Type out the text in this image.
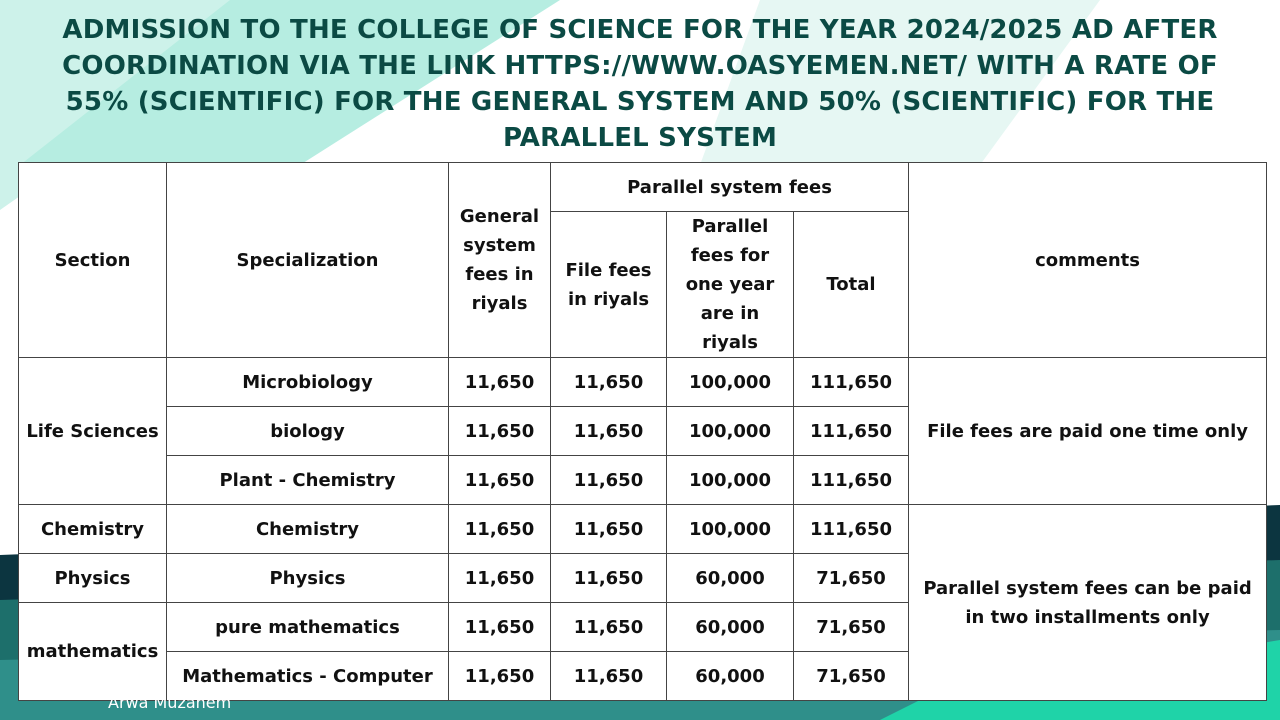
ADMISSION TO THE COLLEGE OF SCIENCE FOR THE YEAR 2024/2025 AD AFTER COORDINATION VIA THE LINK HTTPS://WWW.OASYEMEN.NET/ WITH A RATE OF 55% (SCIENTIFIC) FOR THE GENERAL SYSTEM AND 50% (SCIENTIFIC) FOR THE PARALLEL SYSTEM
Section	Specialization	General system fees in riyals	Parallel system fees			comments
			File fees in riyals	Parallel fees for one year are in riyals	Total	
Life Sciences	Microbiology	11,650	11,650	100,000	111,650	File fees are paid one time only
	biology	11,650	11,650	100,000	111,650	
	Plant - Chemistry	11,650	11,650	100,000	111,650	
Chemistry	Chemistry	11,650	11,650	100,000	111,650	Parallel system fees can be paid in two installments only
Physics	Physics	11,650	11,650	60,000	71,650	
mathematics	pure mathematics	11,650	11,650	60,000	71,650	
	Mathematics - Computer	11,650	11,650	60,000	71,650	

Arwa Muzahem
